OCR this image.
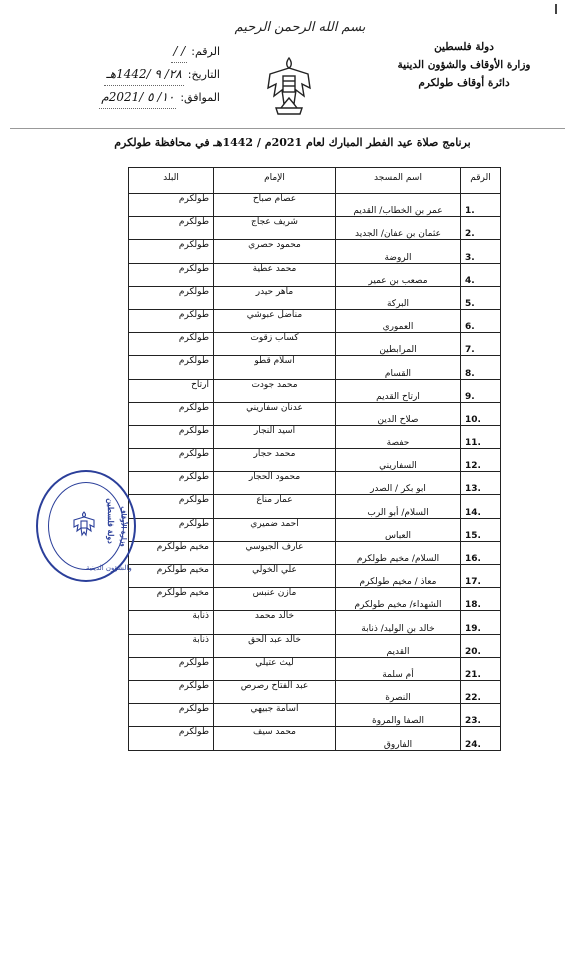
بسم الله الرحمن الرحيم
دولة فلسطين
وزارة الأوقاف والشؤون الدينية
دائرة أوقاف طولكرم
الرقم:
/ /
التاريخ:
٢٨/ ٩ /1442هـ
الموافق:
١٠/ ٥ /2021م
برنامج صلاة عيد الفطر المبارك لعام 2021م / 1442هـ في محافظة طولكرم
الرقم	اسم المسجد	الإمام	البلد
.1	عمر بن الخطاب/ القديم	عصام صباح	طولكرم
.2	عثمان بن عفان/ الجديد	شريف عجاج	طولكرم
.3	الروضة	محمود حصري	طولكرم
.4	مصعب بن عمير	محمد عطية	طولكرم
.5	البركة	ماهر حيدر	طولكرم
.6	العموري	مناضل عبوشي	طولكرم
.7	المرابطين	كساب زقوت	طولكرم
.8	القسام	اسلام قطو	طولكرم
.9	ارتاح القديم	محمد جودت	ارتاح
.10	صلاح الدين	عدنان سفاريني	طولكرم
.11	حفصة	اسيد النجار	طولكرم
.12	السفاريني	محمد حجار	طولكرم
.13	ابو بكر / الصدر	محمود الحجار	طولكرم
.14	السلام/ أبو الرب	عمار مناع	طولكرم
.15	العباس	أحمد ضميري	طولكرم
.16	السلام/ مخيم طولكرم	عارف الجيوسي	مخيم طولكرم
.17	معاذ / مخيم طولكرم	علي الخولي	مخيم طولكرم
.18	الشهداء/ مخيم طولكرم	مازن عنبس	مخيم طولكرم
.19	خالد بن الوليد/ ذنابة	خالد محمد	ذنابة
.20	القديم	خالد عبد الحق	ذنابة
.21	أم سلمة	ليث عتيلي	طولكرم
.22	النصرة	عبد الفتاح رصرص	طولكرم
.23	الصفا والمروة	اسامة جبيهي	طولكرم
.24	الفاروق	محمد سيف	طولكرم
دولة فلسطين وزارة الأوقاف
والشؤون الدينية
